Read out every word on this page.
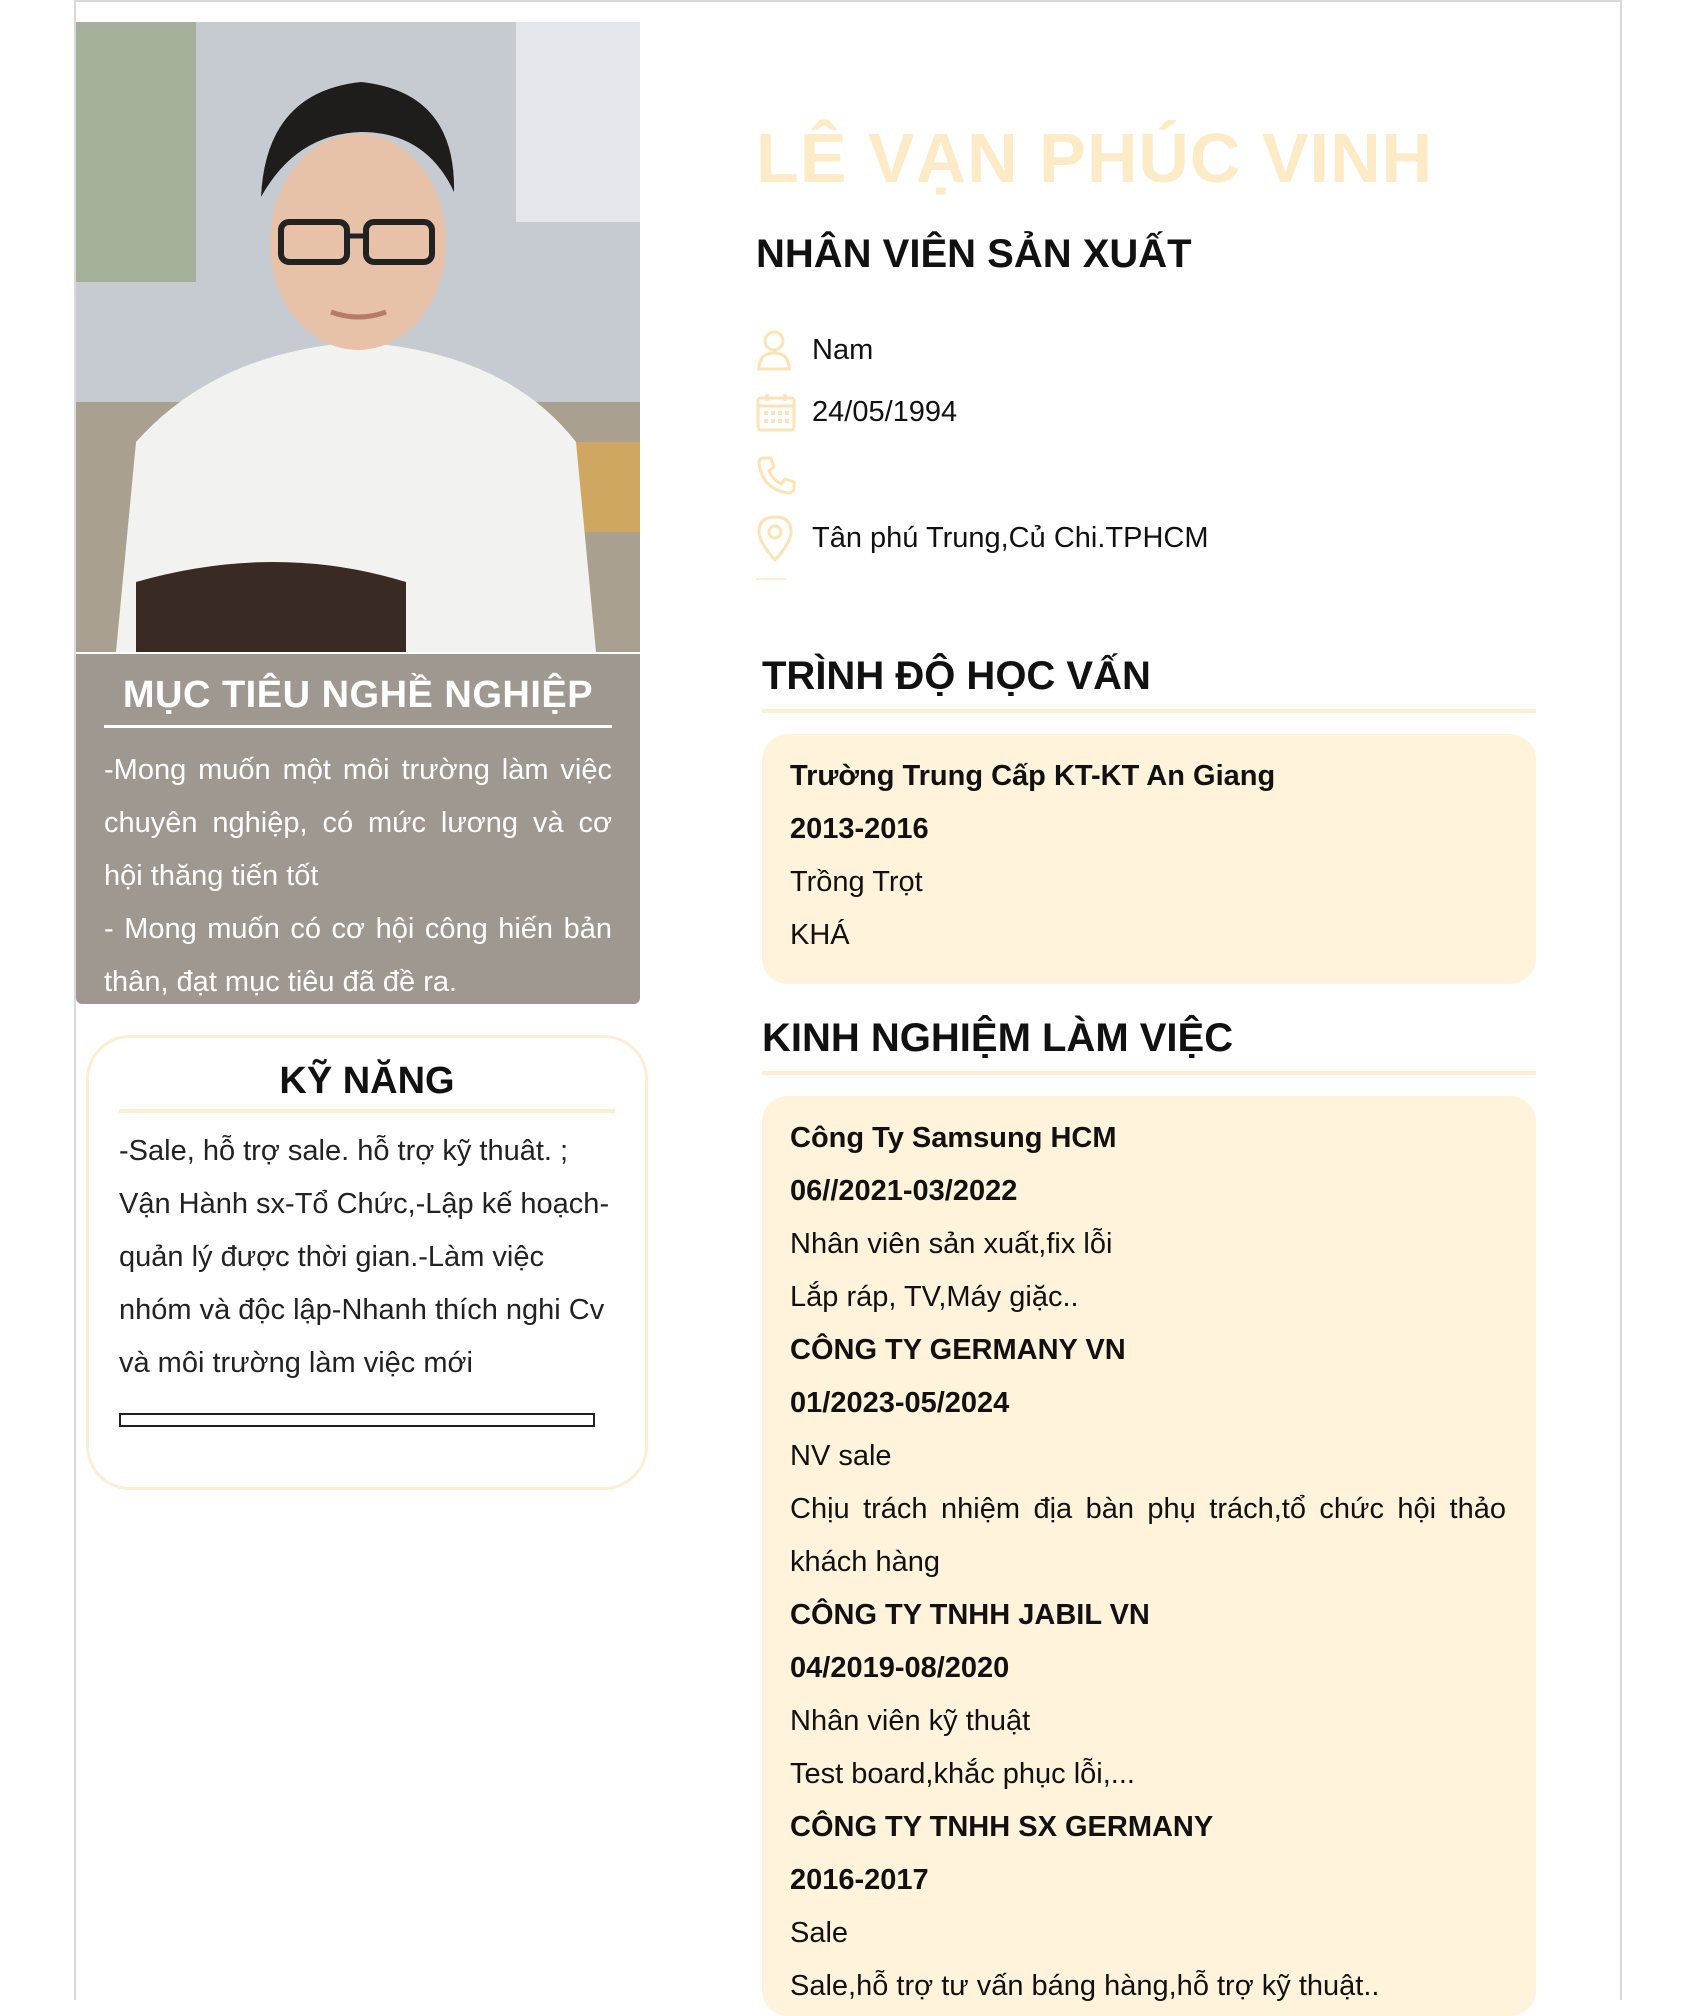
MỤC TIÊU NGHỀ NGHIỆP

-Mong muốn một môi trường làm việc chuyên nghiệp, có mức lương và cơ hội thăng tiến tốt

- Mong muốn có cơ hội công hiến bản thân, đạt mục tiêu đã đề ra.

KỸ NĂNG
-Sale, hỗ trợ sale. hỗ trợ kỹ thuât. ; Vận Hành sx-Tổ Chức,-Lập kế hoạch-quản lý được thời gian.-Làm việc nhóm và độc lập-Nhanh thích nghi Cv và môi trường làm việc mới
LÊ VẠN PHÚC VINH
NHÂN VIÊN SẢN XUẤT
Nam
24/05/1994
Tân phú Trung,Củ Chi.TPHCM
TRÌNH ĐỘ HỌC VẤN
Trường Trung Cấp KT-KT An Giang
2013-2016
Trồng Trọt
KHÁ
KINH NGHIỆM LÀM VIỆC
Công Ty Samsung HCM
06//2021-03/2022
Nhân viên sản xuất,fix lỗi
Lắp ráp, TV,Máy giặc..
CÔNG TY GERMANY VN
01/2023-05/2024
NV sale
Chịu trách nhiệm địa bàn phụ trách,tổ chức hội thảo khách hàng
CÔNG TY TNHH JABIL VN
04/2019-08/2020
Nhân viên kỹ thuật
Test board,khắc phục lỗi,...
CÔNG TY TNHH SX GERMANY
2016-2017
Sale
Sale,hỗ trợ tư vấn báng hàng,hỗ trợ kỹ thuật..
